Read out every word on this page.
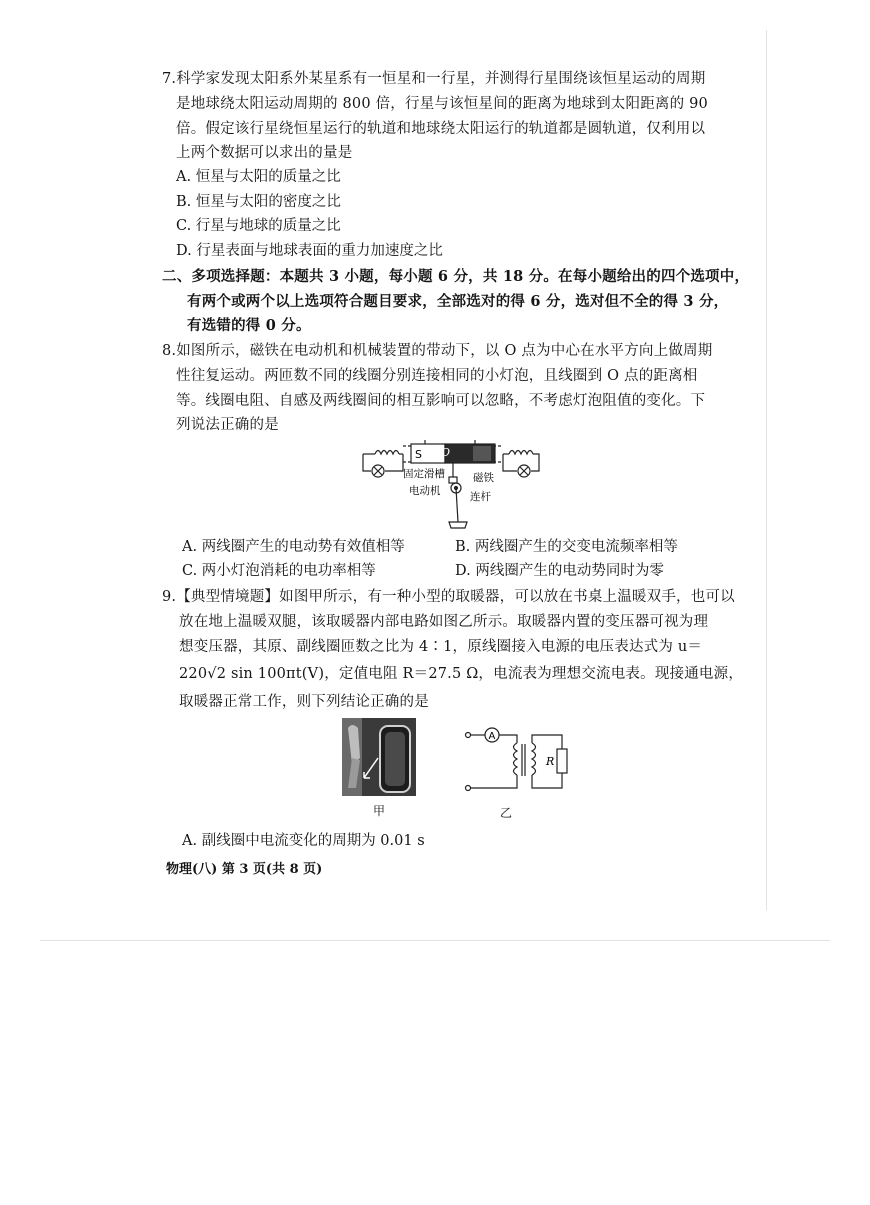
7.科学家发现太阳系外某星系有一恒星和一行星，并测得行星围绕该恒星运动的周期
是地球绕太阳运动周期的 800 倍，行星与该恒星间的距离为地球到太阳距离的 90
倍。假定该行星绕恒星运行的轨道和地球绕太阳运行的轨道都是圆轨道，仅利用以
上两个数据可以求出的量是
A. 恒星与太阳的质量之比
B. 恒星与太阳的密度之比
C. 行星与地球的质量之比
D. 行星表面与地球表面的重力加速度之比
二、多项选择题：本题共 3 小题，每小题 6 分，共 18 分。在每小题给出的四个选项中，
有两个或两个以上选项符合题目要求，全部选对的得 6 分，选对但不全的得 3 分，
有选错的得 0 分。
8.如图所示，磁铁在电动机和机械装置的带动下，以 O 点为中心在水平方向上做周期
性往复运动。两匝数不同的线圈分别连接相同的小灯泡，且线圈到 O 点的距离相
等。线圈电阻、自感及两线圈间的相互影响可以忽略，不考虑灯泡阻值的变化。下
列说法正确的是
S O
固定滑槽	磁铁
电动机	连杆
A. 两线圈产生的电动势有效值相等	B. 两线圈产生的交变电流频率相等
C. 两小灯泡消耗的电功率相等	D. 两线圈产生的电动势同时为零
9.【典型情境题】如图甲所示，有一种小型的取暖器，可以放在书桌上温暖双手，也可以
放在地上温暖双腿，该取暖器内部电路如图乙所示。取暖器内置的变压器可视为理
想变压器，其原、副线圈匝数之比为 4∶1，原线圈接入电源的电压表达式为 u＝
220√2 sin 100πt(V)，定值电阻 R＝27.5 Ω，电流表为理想交流电表。现接通电源，
取暖器正常工作，则下列结论正确的是
甲
A
R
乙
A. 副线圈中电流变化的周期为 0.01 s
物理(八) 第 3 页(共 8 页)
